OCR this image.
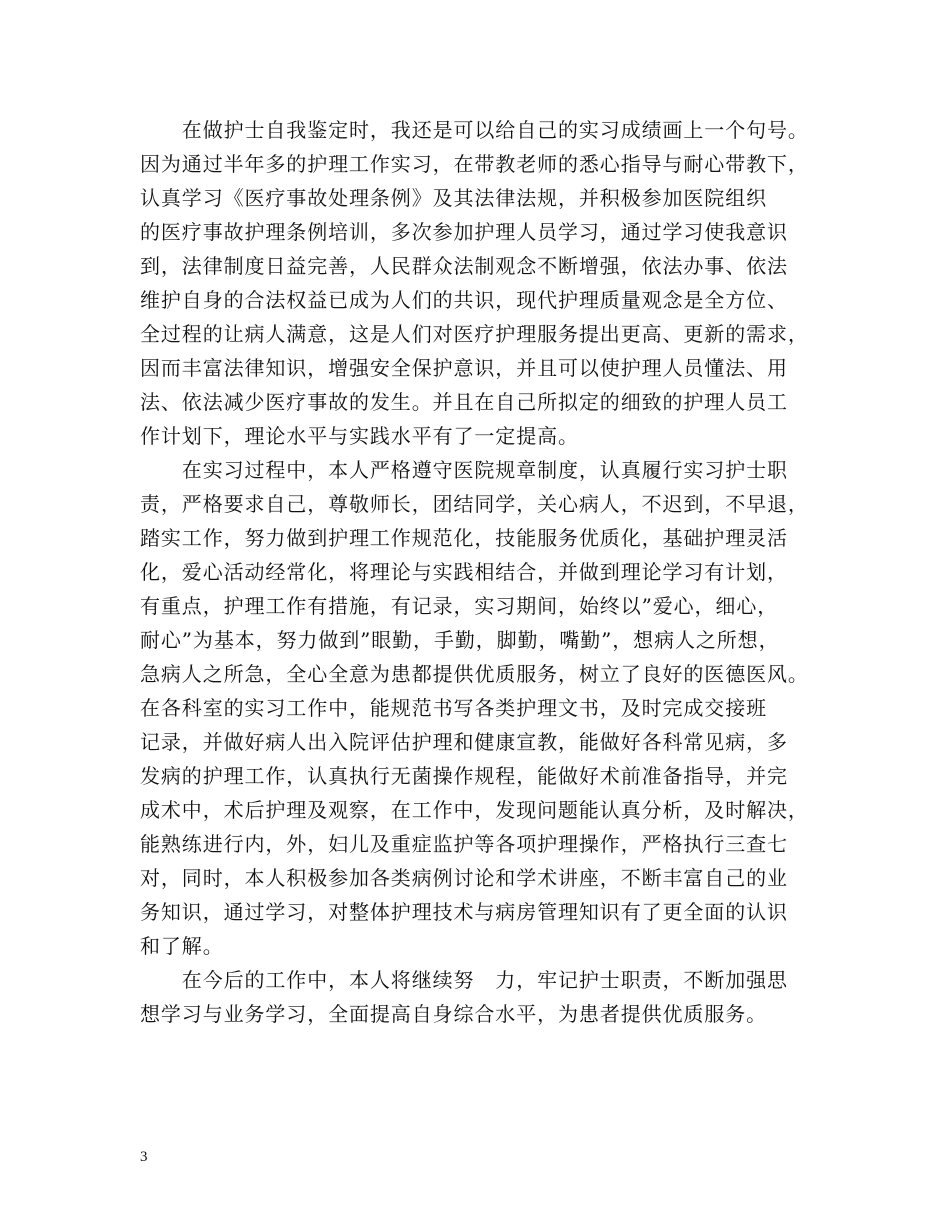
　　在做护士自我鉴定时，我还是可以给自己的实习成绩画上一个句号。
因为通过半年多的护理工作实习，在带教老师的悉心指导与耐心带教下，
认真学习《医疗事故处理条例》及其法律法规，并积极参加医院组织
的医疗事故护理条例培训，多次参加护理人员学习，通过学习使我意识
到，法律制度日益完善，人民群众法制观念不断增强，依法办事、依法
维护自身的合法权益已成为人们的共识，现代护理质量观念是全方位、
全过程的让病人满意，这是人们对医疗护理服务提出更高、更新的需求，
因而丰富法律知识，增强安全保护意识，并且可以使护理人员懂法、用
法、依法减少医疗事故的发生。并且在自己所拟定的细致的护理人员工
作计划下，理论水平与实践水平有了一定提高。
　　在实习过程中，本人严格遵守医院规章制度，认真履行实习护士职
责，严格要求自己，尊敬师长，团结同学，关心病人，不迟到，不早退，
踏实工作，努力做到护理工作规范化，技能服务优质化，基础护理灵活
化，爱心活动经常化，将理论与实践相结合，并做到理论学习有计划，
有重点，护理工作有措施，有记录，实习期间，始终以”爱心，细心，
耐心”为基本，努力做到”眼勤，手勤，脚勤，嘴勤”，想病人之所想，
急病人之所急，全心全意为患都提供优质服务，树立了良好的医德医风。
在各科室的实习工作中，能规范书写各类护理文书，及时完成交接班
记录，并做好病人出入院评估护理和健康宣教，能做好各科常见病，多
发病的护理工作，认真执行无菌操作规程，能做好术前准备指导，并完
成术中，术后护理及观察，在工作中，发现问题能认真分析，及时解决，
能熟练进行内，外，妇儿及重症监护等各项护理操作，严格执行三查七
对，同时，本人积极参加各类病例讨论和学术讲座，不断丰富自己的业
务知识，通过学习，对整体护理技术与病房管理知识有了更全面的认识
和了解。
　　在今后的工作中，本人将继续努　力，牢记护士职责，不断加强思
想学习与业务学习，全面提高自身综合水平，为患者提供优质服务。
3
